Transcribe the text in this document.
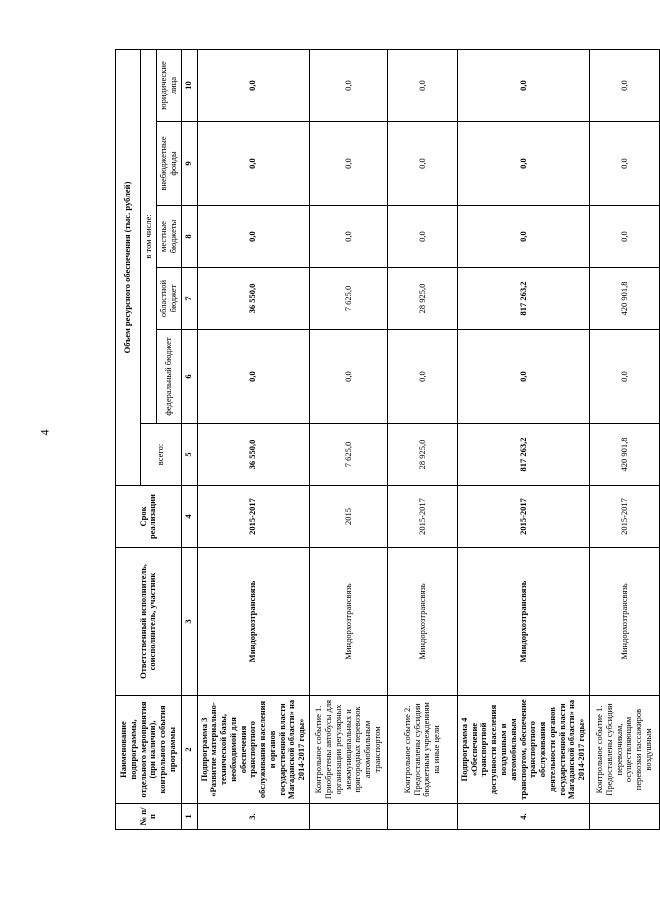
4
№ п/п	Наименование подпрограммы, отдельного мероприятия (при наличии), контрольного события программы	Ответственный исполнитель, соисполнитель, участник	Срок реализации	Объем ресурсного обеспечения (тыс. рублей)					
				всего:	в том числе:				
					федеральный бюджет	областной бюджет	местные бюджеты	внебюджетные фонды	юридические лица
1	2	3	4	5	6	7	8	9	10
3.	Подпрограмма 3 «Развитие материально-технической базы, необходимой для обеспечения транспортного обслуживания населения и органов государственной власти Магаданской области» на 2014-2017 годы»	Миндорхозтрансвязь	2015-2017	36 550,0	0,0	36 550,0	0,0	0,0	0,0
	Контрольное событие 1. Приобретены автобусы для организации регулярных межмуниципальных и пригородных перевозок автомобильным транспортом	Миндорхозтрансвязь	2015	7 625,0	0,0	7 625,0	0,0	0,0	0,0
	Контрольное событие 2. Предоставлены субсидии бюджетным учреждениям на иные цели	Миндорхозтрансвязь	2015-2017	28 925,0	0,0	28 925,0	0,0	0,0	0,0
4.	Подпрограмма 4 «Обеспечение транспортной доступности населения воздушным и автомобильным транспортом, обеспечение транспортного обслуживания деятельности органов государственной власти Магаданской области» на 2014-2017 годы»	Миндорхозтрансвязь	2015-2017	817 263,2	0,0	817 263,2	0,0	0,0	0,0
	Контрольное событие 1. Предоставлены субсидии перевозчикам, осуществляющим перевозки пассажиров воздушным	Миндорхозтрансвязь	2015-2017	420 901,8	0,0	420 901,8	0,0	0,0	0,0
